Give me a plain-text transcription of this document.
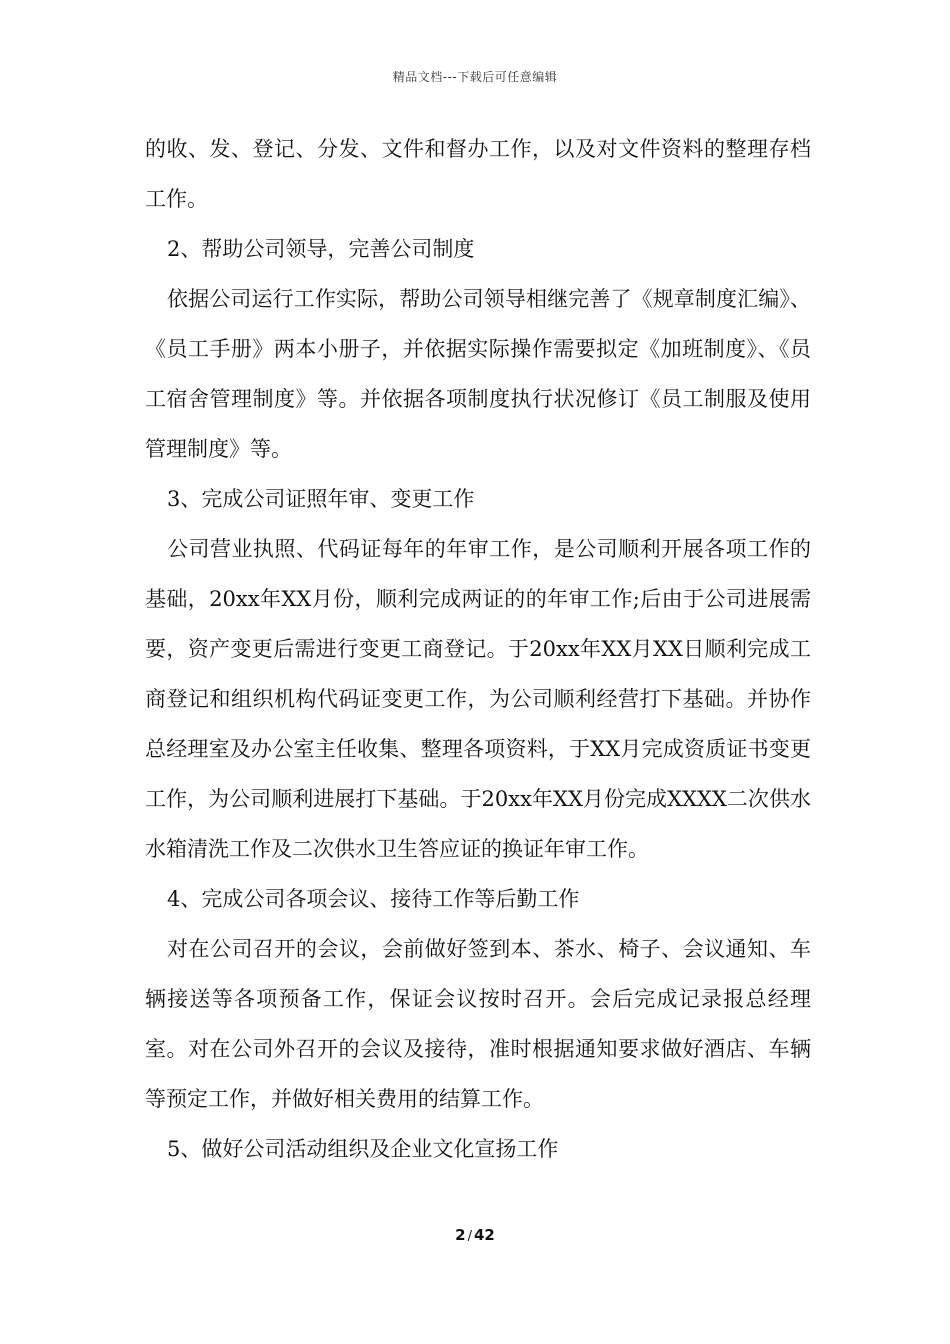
精品文档---下载后可任意编辑

的收、发、登记、分发、文件和督办工作，以及对文件资料的整理存档工作。

2、帮助公司领导，完善公司制度

依据公司运行工作实际，帮助公司领导相继完善了《规章制度汇编》、《员工手册》两本小册子，并依据实际操作需要拟定《加班制度》、《员工宿舍管理制度》等。并依据各项制度执行状况修订《员工制服及使用管理制度》等。

3、完成公司证照年审、变更工作

公司营业执照、代码证每年的年审工作，是公司顺利开展各项工作的基础，20xx年XX月份，顺利完成两证的的年审工作;后由于公司进展需要，资产变更后需进行变更工商登记。于20xx年XX月XX日顺利完成工商登记和组织机构代码证变更工作，为公司顺利经营打下基础。并协作总经理室及办公室主任收集、整理各项资料，于XX月完成资质证书变更工作，为公司顺利进展打下基础。于20xx年XX月份完成XXXX二次供水水箱清洗工作及二次供水卫生答应证的换证年审工作。

4、完成公司各项会议、接待工作等后勤工作

对在公司召开的会议，会前做好签到本、茶水、椅子、会议通知、车辆接送等各项预备工作，保证会议按时召开。会后完成记录报总经理室。对在公司外召开的会议及接待，准时根据通知要求做好酒店、车辆等预定工作，并做好相关费用的结算工作。

5、做好公司活动组织及企业文化宣扬工作

2 / 42
